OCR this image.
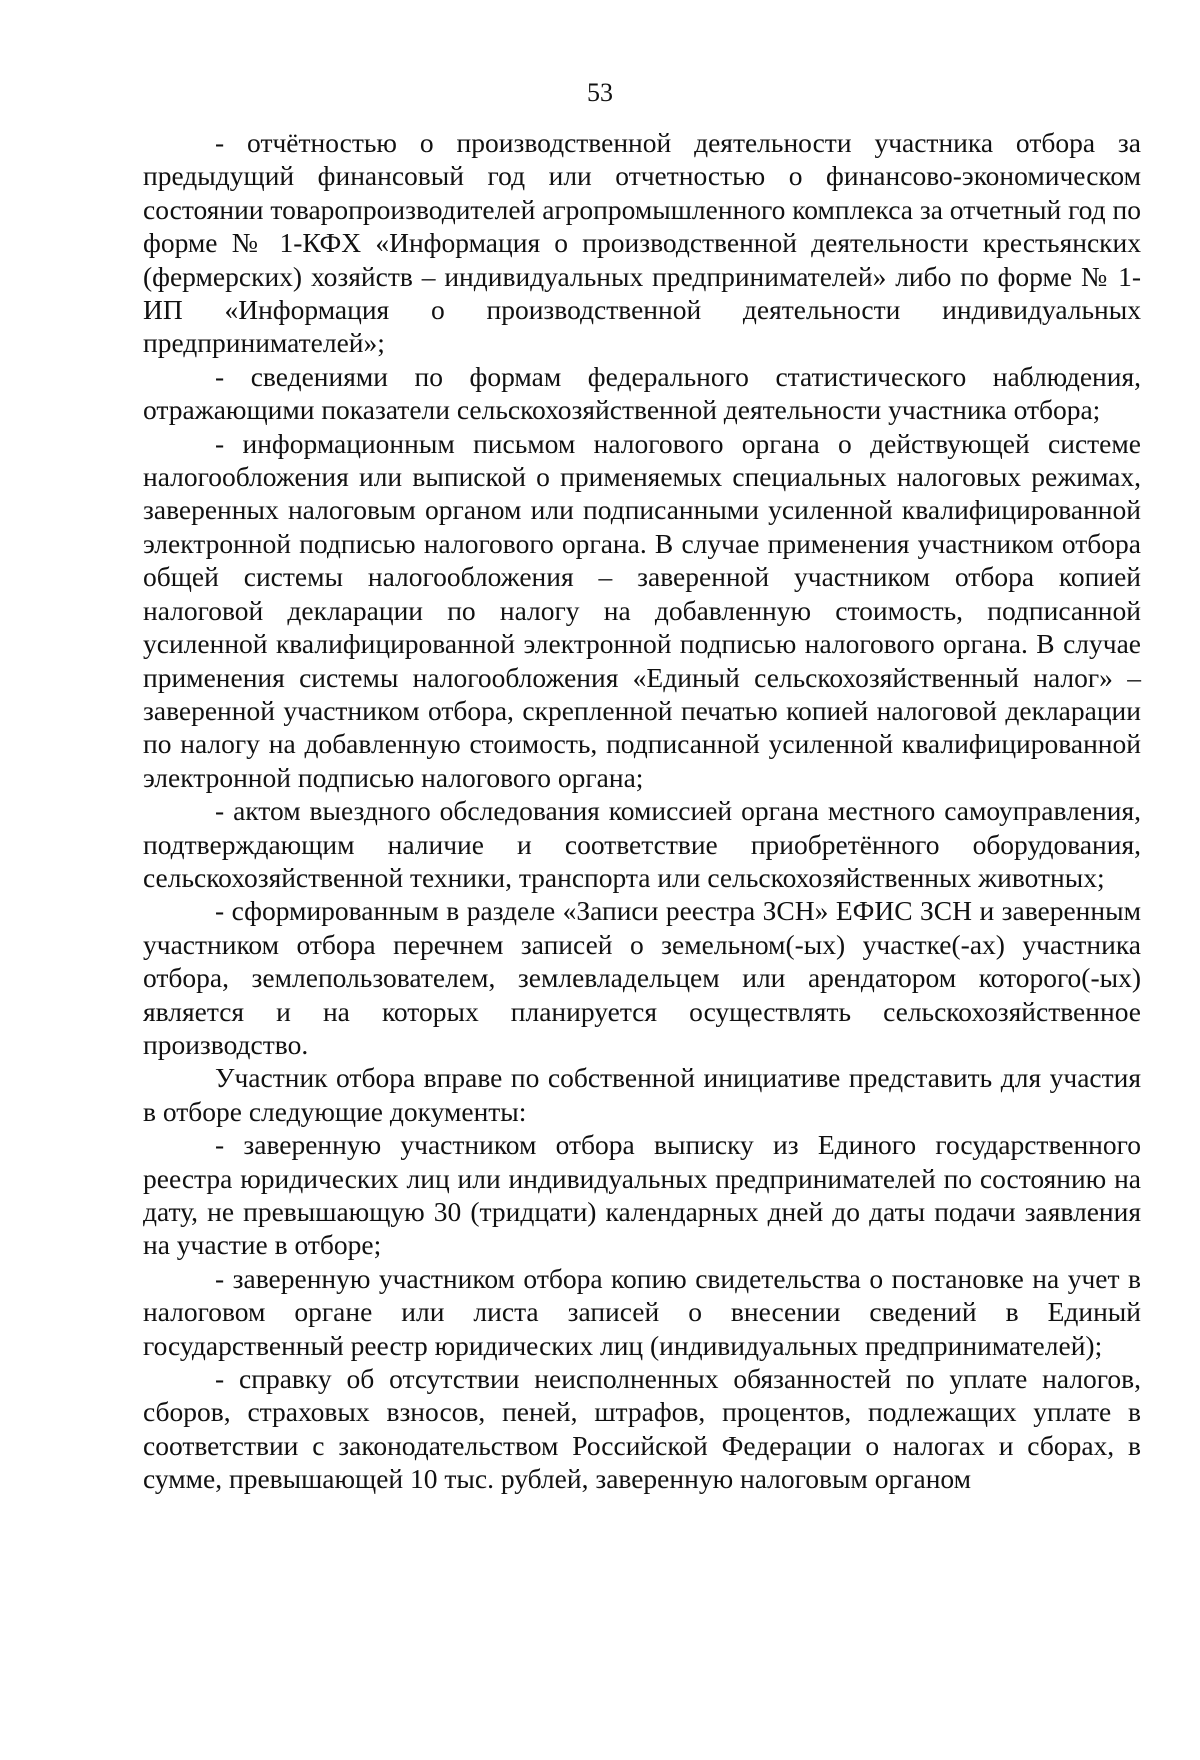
53

- отчётностью о производственной деятельности участника отбора за предыдущий финансовый год или отчетностью о финансово-экономическом состоянии товаропроизводителей агропромышленного комплекса за отчетный год по форме № 1-КФХ «Информация о производственной деятельности крестьянских (фермерских) хозяйств – индивидуальных предпринимателей» либо по форме № 1-ИП «Информация о производственной деятельности индивидуальных предпринимателей»;

- сведениями по формам федерального статистического наблюдения, отражающими показатели сельскохозяйственной деятельности участника отбора;

- информационным письмом налогового органа о действующей системе налогообложения или выпиской о применяемых специальных налоговых режимах, заверенных налоговым органом или подписанными усиленной квалифицированной электронной подписью налогового органа. В случае применения участником отбора общей системы налогообложения – заверенной участником отбора копией налоговой декларации по налогу на добавленную стоимость, подписанной усиленной квалифицированной электронной подписью налогового органа. В случае применения системы налогообложения «Единый сельскохозяйственный налог» – заверенной участником отбора, скрепленной печатью копией налоговой декларации по налогу на добавленную стоимость, подписанной усиленной квалифицированной электронной подписью налогового органа;

- актом выездного обследования комиссией органа местного самоуправления, подтверждающим наличие и соответствие приобретённого оборудования, сельскохозяйственной техники, транспорта или сельскохозяйственных животных;

- сформированным в разделе «Записи реестра ЗСН» ЕФИС ЗСН и заверенным участником отбора перечнем записей о земельном(-ых) участке(-ах) участника отбора, землепользователем, землевладельцем или арендатором которого(-ых) является и на которых планируется осуществлять сельскохозяйственное производство.

Участник отбора вправе по собственной инициативе представить для участия в отборе следующие документы:

- заверенную участником отбора выписку из Единого государственного реестра юридических лиц или индивидуальных предпринимателей по состоянию на дату, не превышающую 30 (тридцати) календарных дней до даты подачи заявления на участие в отборе;

- заверенную участником отбора копию свидетельства о постановке на учет в налоговом органе или листа записей о внесении сведений в Единый государственный реестр юридических лиц (индивидуальных предпринимателей);

- справку об отсутствии неисполненных обязанностей по уплате налогов, сборов, страховых взносов, пеней, штрафов, процентов, подлежащих уплате в соответствии с законодательством Российской Федерации о налогах и сборах, в сумме, превышающей 10 тыс. рублей, заверенную налоговым органом
